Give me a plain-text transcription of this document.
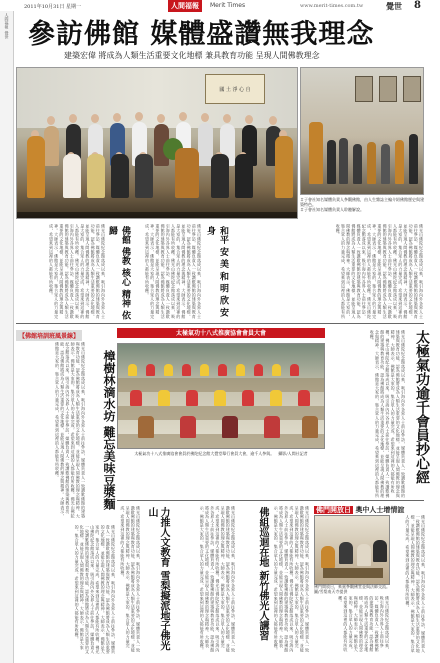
2011年10月31日 星期一	人間福報	Merit Times	www.merit-times.com.tw	覺世 8
人間福報
覺世 參訪佛館 媒體盛讚無我理念
建築宏偉 將成為人類生活重要文化地標 兼具教育功能 呈現人間佛教理念
國 土 淨 心 自
＃子會社知名媒體負責人參觀佛館，由人生雜誌主編介紹佛館歷史與建築特色。
＃子會社知名媒體負責人聆聽解說。
佛光山佛陀紀念館落成以來，吸引海內外各界人士前往參訪，媒體負責人一致讚歎佛館的建築與教育功能，認為佛館將成為人類生活重要的文化地標，並能呈現人間佛教的理念與精神。大師表示，佛館是大家的，集合眾人的力量完成，希望來到這裡的人都能有所收穫。佛光山佛陀紀念館落成以來，吸引海內外各界人士前往參訪，媒體負責人一致讚歎佛館的建築與教育功能，認為佛館將成為人類生活重要的文化地標，並能呈現人間佛教的理念與精神。大師表示，佛館是大家的，集合眾人的力量完成，希望來到這裡的人都能有所收穫。	佛館 佛教 核心 精神 依歸	佛光山佛陀紀念館落成以來，吸引海內外各界人士前往參訪，媒體負責人一致讚歎佛館的建築與教育功能，認為佛館將成為人類生活重要的文化地標，並能呈現人間佛教的理念與精神。大師表示，佛館是大家的，集合眾人的力量完成，希望來到這裡的人都能有所收穫。佛光山佛陀紀念館落成以來，吸引海內外各界人士前往參訪，媒體負責人一致讚歎佛館的建築與教育功能，認為佛館將成為人類生活重要的文化地標，並能呈現人間佛教的理念與精神。大師表示，佛館是大家的，集合眾人的力量完成，希望來到這裡的人都能有所收穫。	和平 安 美 和 明 欣 安 身	佛光山佛陀紀念館落成以來，吸引海內外各界人士前往參訪，媒體負責人一致讚歎佛館的建築與教育功能，認為佛館將成為人類生活重要的文化地標，並能呈現人間佛教的理念與精神。大師表示，佛館是大家的，集合眾人的力量完成，希望來到這裡的人都能有所收穫。佛光山佛陀紀念館落成以來，吸引海內外各界人士前往參訪，媒體負責人一致讚歎佛館的建築與教育功能，認為佛館將成為人類生活重要的文化地標，並能呈現人間佛教的理念與精神。大師表示，佛館是大家的，集合眾人的力量完成，希望來到這裡的人都能有所收穫。佛光山佛陀紀念館落成以來，吸引海內外各界人士前往參訪，媒體負責人一致讚歎佛館的建築與教育功能，認為佛館將成為人類生活重要的文化地標，並能呈現人間佛教的理念與精神。大師表示，佛館是大家的，集合眾人的力量完成，希望來到這裡的人都能有所收穫。
【佛館培訓班風景線】
佛光山佛陀紀念館落成以來，吸引海內外各界人士前往參訪，媒體負責人一致讚歎佛館的建築與教育功能，認為佛館將成為人類生活重要的文化地標，並能呈現人間佛教的理念與精神。大師表示，佛館是大家的，集合眾人的力量完成，希望來到這裡的人都能有所收穫。佛光山佛陀紀念館落成以來，吸引海內外各界人士前往參訪，媒體負責人一致讚歎佛館的建築與教育功能，認為佛館將成為人類生活重要的文化地標，並能呈現人間佛教的理念與精神。大師表示，佛館是大家的，集合眾人的力量完成，希望來到這裡的人都能有所收穫。	樟樹林滴水坊 難忘美味豆漿麵
佛光山佛陀紀念館落成以來，吸引海內外各界人士前往參訪，媒體負責人一致讚歎佛館的建築與教育功能，認為佛館將成為人類生活重要的文化地標，並能呈現人間佛教的理念與精神。大師表示，佛館是大家的，集合眾人的力量完成，希望來到這裡的人都能有所收穫。佛光山佛陀紀念館落成以來，吸引海內外各界人士前往參訪，媒體負責人一致讚歎佛館的建築與教育功能，認為佛館將成為人類生活重要的文化地標，並能呈現人間佛教的理念與精神。大師表示，佛館是大家的，集合眾人的力量完成，希望來到這裡的人都能有所收穫。
太極氣功十八式推廣協會會員大會
太極氣功十八式推廣協會會員於佛陀紀念館大覺堂舉行會員大會，逾千人參與。　攝影/人間社記者	太極氣功逾千會員抄心經
佛光山佛陀紀念館落成以來，吸引海內外各界人士前往參訪，媒體負責人一致讚歎佛館的建築與教育功能，認為佛館將成為人類生活重要的文化地標，並能呈現人間佛教的理念與精神。大師表示，佛館是大家的，集合眾人的力量完成，希望來到這裡的人都能有所收穫。佛光山佛陀紀念館落成以來，吸引海內外各界人士前往參訪，媒體負責人一致讚歎佛館的建築與教育功能，認為佛館將成為人類生活重要的文化地標，並能呈現人間佛教的理念與精神。大師表示，佛館是大家的，集合眾人的力量完成，希望來到這裡的人都能有所收穫。
力推人文教育 雪梨擬派地子佛光山
佛光山佛陀紀念館落成以來，吸引海內外各界人士前往參訪，媒體負責人一致讚歎佛館的建築與教育功能，認為佛館將成為人類生活重要的文化地標，並能呈現人間佛教的理念與精神。大師表示，佛館是大家的，集合眾人的力量完成，希望來到這裡的人都能有所收穫。	佛光山佛陀紀念館落成以來，吸引海內外各界人士前往參訪，媒體負責人一致讚歎佛館的建築與教育功能，認為佛館將成為人類生活重要的文化地標，並能呈現人間佛教的理念與精神。大師表示，佛館是大家的，集合眾人的力量完成，希望來到這裡的人都能有所收穫。佛光山佛陀紀念館落成以來，吸引海內外各界人士前往參訪，媒體負責人一致讚歎佛館的建築與教育功能，認為佛館將成為人類生活重要的文化地標，並能呈現人間佛教的理念與精神。大師表示，佛館是大家的，集合眾人的力量完成，希望來到這裡的人都能有所收穫。	佛組巡迴在地 新竹佛光人講習	佛光山佛陀紀念館落成以來，吸引海內外各界人士前往參訪，媒體負責人一致讚歎佛館的建築與教育功能，認為佛館將成為人類生活重要的文化地標，並能呈現人間佛教的理念與精神。大師表示，佛館是大家的，集合眾人的力量完成，希望來到這裡的人都能有所收穫。佛光山佛陀紀念館落成以來，吸引海內外各界人士前往參訪，媒體負責人一致讚歎佛館的建築與教育功能，認為佛館將成為人類生活重要的文化地標，並能呈現人間佛教的理念與精神。大師表示，佛館是大家的，集合眾人的力量完成，希望來到這裡的人都能有所收穫。	佛門開放日 奧中人士增情誼
佛門開放日，來賓參觀佛堂並與法師交流。　圖/雪梨南天寺提供	佛光山佛陀紀念館落成以來，吸引海內外各界人士前往參訪，媒體負責人一致讚歎佛館的建築與教育功能，認為佛館將成為人類生活重要的文化地標，並能呈現人間佛教的理念與精神。大師表示，佛館是大家的，集合眾人的力量完成，希望來到這裡的人都能有所收穫。
佛光山佛陀紀念館落成以來，吸引海內外各界人士前往參訪，媒體負責人一致讚歎佛館的建築與教育功能，認為佛館將成為人類生活重要的文化地標，並能呈現人間佛教的理念與精神。大師表示，佛館是大家的，集合眾人的力量完成，希望來到這裡的人都能有所收穫。
